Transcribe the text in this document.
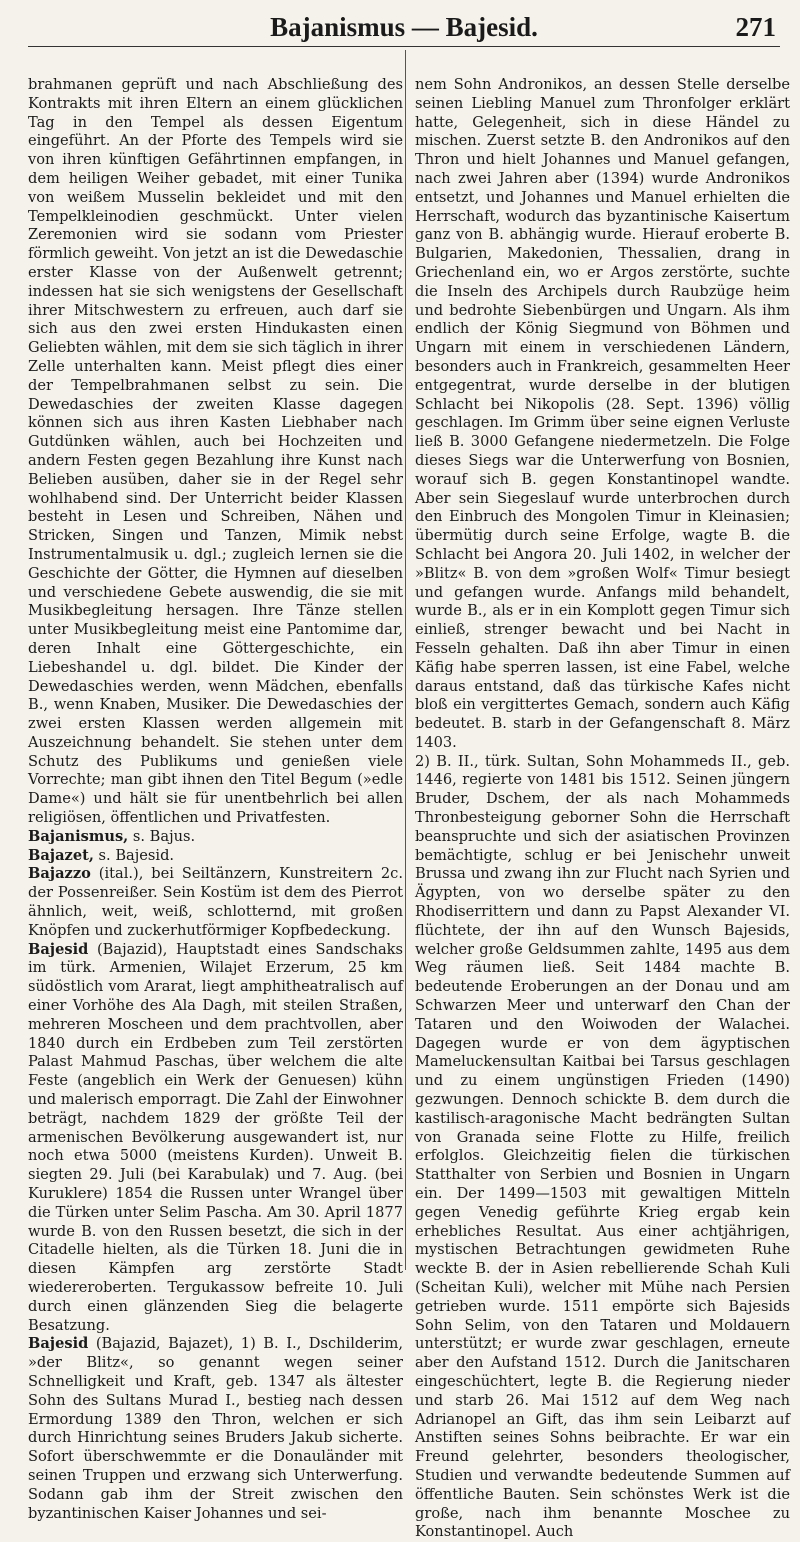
Bajanismus — Bajesid.	271

brahmanen geprüft und nach Abschließung des Kontrakts mit ihren Eltern an einem glücklichen Tag in den Tempel als dessen Eigentum eingeführt. An der Pforte des Tempels wird sie von ihren künftigen Gefährtinnen empfangen, in dem heiligen Weiher gebadet, mit einer Tunika von weißem Musselin bekleidet und mit den Tempelkleinodien geschmückt. Unter vielen Zeremonien wird sie sodann vom Priester förmlich geweiht. Von jetzt an ist die Dewedaschie erster Klasse von der Außenwelt getrennt; indessen hat sie sich wenigstens der Gesellschaft ihrer Mitschwestern zu erfreuen, auch darf sie sich aus den zwei ersten Hindukasten einen Geliebten wählen, mit dem sie sich täglich in ihrer Zelle unterhalten kann. Meist pflegt dies einer der Tempelbrahmanen selbst zu sein. Die Dewedaschies der zweiten Klasse dagegen können sich aus ihren Kasten Liebhaber nach Gutdünken wählen, auch bei Hochzeiten und andern Festen gegen Bezahlung ihre Kunst nach Belieben ausüben, daher sie in der Regel sehr wohlhabend sind. Der Unterricht beider Klassen besteht in Lesen und Schreiben, Nähen und Stricken, Singen und Tanzen, Mimik nebst Instrumentalmusik u. dgl.; zugleich lernen sie die Geschichte der Götter, die Hymnen auf dieselben und verschiedene Gebete auswendig, die sie mit Musikbegleitung hersagen. Ihre Tänze stellen unter Musikbegleitung meist eine Pantomime dar, deren Inhalt eine Göttergeschichte, ein Liebeshandel u. dgl. bildet. Die Kinder der Dewedaschies werden, wenn Mädchen, ebenfalls B., wenn Knaben, Musiker. Die Dewedaschies der zwei ersten Klassen werden allgemein mit Auszeichnung behandelt. Sie stehen unter dem Schutz des Publikums und genießen viele Vorrechte; man gibt ihnen den Titel Begum (»edle Dame«) und hält sie für unentbehrlich bei allen religiösen, öffentlichen und Privatfesten.

Bajanismus, s. Bajus.

Bajazet, s. Bajesid.

Bajazzo (ital.), bei Seiltänzern, Kunstreitern 2c. der Possenreißer. Sein Kostüm ist dem des Pierrot ähnlich, weit, weiß, schlotternd, mit großen Knöpfen und zuckerhutförmiger Kopfbedeckung.

Bajesid (Bajazid), Hauptstadt eines Sandschaks im türk. Armenien, Wilajet Erzerum, 25 km südöstlich vom Ararat, liegt amphitheatralisch auf einer Vorhöhe des Ala Dagh, mit steilen Straßen, mehreren Moscheen und dem prachtvollen, aber 1840 durch ein Erdbeben zum Teil zerstörten Palast Mahmud Paschas, über welchem die alte Feste (angeblich ein Werk der Genuesen) kühn und malerisch emporragt. Die Zahl der Einwohner beträgt, nachdem 1829 der größte Teil der armenischen Bevölkerung ausgewandert ist, nur noch etwa 5000 (meistens Kurden). Unweit B. siegten 29. Juli (bei Karabulak) und 7. Aug. (bei Kuruklere) 1854 die Russen unter Wrangel über die Türken unter Selim Pascha. Am 30. April 1877 wurde B. von den Russen besetzt, die sich in der Citadelle hielten, als die Türken 18. Juni die in diesen Kämpfen arg zerstörte Stadt wiedereroberten. Tergukassow befreite 10. Juli durch einen glänzenden Sieg die belagerte Besatzung.

Bajesid (Bajazid, Bajazet), 1) B. I., Dschilderim, »der Blitz«, so genannt wegen seiner Schnelligkeit und Kraft, geb. 1347 als ältester Sohn des Sultans Murad I., bestieg nach dessen Ermordung 1389 den Thron, welchen er sich durch Hinrichtung seines Bruders Jakub sicherte. Sofort überschwemmte er die Donauländer mit seinen Truppen und erzwang sich Unterwerfung. Sodann gab ihm der Streit zwischen den byzantinischen Kaiser Johannes und sei-

nem Sohn Andronikos, an dessen Stelle derselbe seinen Liebling Manuel zum Thronfolger erklärt hatte, Gelegenheit, sich in diese Händel zu mischen. Zuerst setzte B. den Andronikos auf den Thron und hielt Johannes und Manuel gefangen, nach zwei Jahren aber (1394) wurde Andronikos entsetzt, und Johannes und Manuel erhielten die Herrschaft, wodurch das byzantinische Kaisertum ganz von B. abhängig wurde. Hierauf eroberte B. Bulgarien, Makedonien, Thessalien, drang in Griechenland ein, wo er Argos zerstörte, suchte die Inseln des Archipels durch Raubzüge heim und bedrohte Siebenbürgen und Ungarn. Als ihm endlich der König Siegmund von Böhmen und Ungarn mit einem in verschiedenen Ländern, besonders auch in Frankreich, gesammelten Heer entgegentrat, wurde derselbe in der blutigen Schlacht bei Nikopolis (28. Sept. 1396) völlig geschlagen. Im Grimm über seine eignen Verluste ließ B. 3000 Gefangene niedermetzeln. Die Folge dieses Siegs war die Unterwerfung von Bosnien, worauf sich B. gegen Konstantinopel wandte. Aber sein Siegeslauf wurde unterbrochen durch den Einbruch des Mongolen Timur in Kleinasien; übermütig durch seine Erfolge, wagte B. die Schlacht bei Angora 20. Juli 1402, in welcher der »Blitz« B. von dem »großen Wolf« Timur besiegt und gefangen wurde. Anfangs mild behandelt, wurde B., als er in ein Komplott gegen Timur sich einließ, strenger bewacht und bei Nacht in Fesseln gehalten. Daß ihn aber Timur in einen Käfig habe sperren lassen, ist eine Fabel, welche daraus entstand, daß das türkische Kafes nicht bloß ein vergittertes Gemach, sondern auch Käfig bedeutet. B. starb in der Gefangenschaft 8. März 1403.

2) B. II., türk. Sultan, Sohn Mohammeds II., geb. 1446, regierte von 1481 bis 1512. Seinen jüngern Bruder, Dschem, der als nach Mohammeds Thronbesteigung geborner Sohn die Herrschaft beanspruchte und sich der asiatischen Provinzen bemächtigte, schlug er bei Jenischehr unweit Brussa und zwang ihn zur Flucht nach Syrien und Ägypten, von wo derselbe später zu den Rhodiserrittern und dann zu Papst Alexander VI. flüchtete, der ihn auf den Wunsch Bajesids, welcher große Geldsummen zahlte, 1495 aus dem Weg räumen ließ. Seit 1484 machte B. bedeutende Eroberungen an der Donau und am Schwarzen Meer und unterwarf den Chan der Tataren und den Woiwoden der Walachei. Dagegen wurde er von dem ägyptischen Mameluckensultan Kaitbai bei Tarsus geschlagen und zu einem ungünstigen Frieden (1490) gezwungen. Dennoch schickte B. dem durch die kastilisch-aragonische Macht bedrängten Sultan von Granada seine Flotte zu Hilfe, freilich erfolglos. Gleichzeitig fielen die türkischen Statthalter von Serbien und Bosnien in Ungarn ein. Der 1499—1503 mit gewaltigen Mitteln gegen Venedig geführte Krieg ergab kein erhebliches Resultat. Aus einer achtjährigen, mystischen Betrachtungen gewidmeten Ruhe weckte B. der in Asien rebellierende Schah Kuli (Scheitan Kuli), welcher mit Mühe nach Persien getrieben wurde. 1511 empörte sich Bajesids Sohn Selim, von den Tataren und Moldauern unterstützt; er wurde zwar geschlagen, erneute aber den Aufstand 1512. Durch die Janitscharen eingeschüchtert, legte B. die Regierung nieder und starb 26. Mai 1512 auf dem Weg nach Adrianopel an Gift, das ihm sein Leibarzt auf Anstiften seines Sohns beibrachte. Er war ein Freund gelehrter, besonders theologischer, Studien und verwandte bedeutende Summen auf öffentliche Bauten. Sein schönstes Werk ist die große, nach ihm benannte Moschee zu Konstantinopel. Auch
